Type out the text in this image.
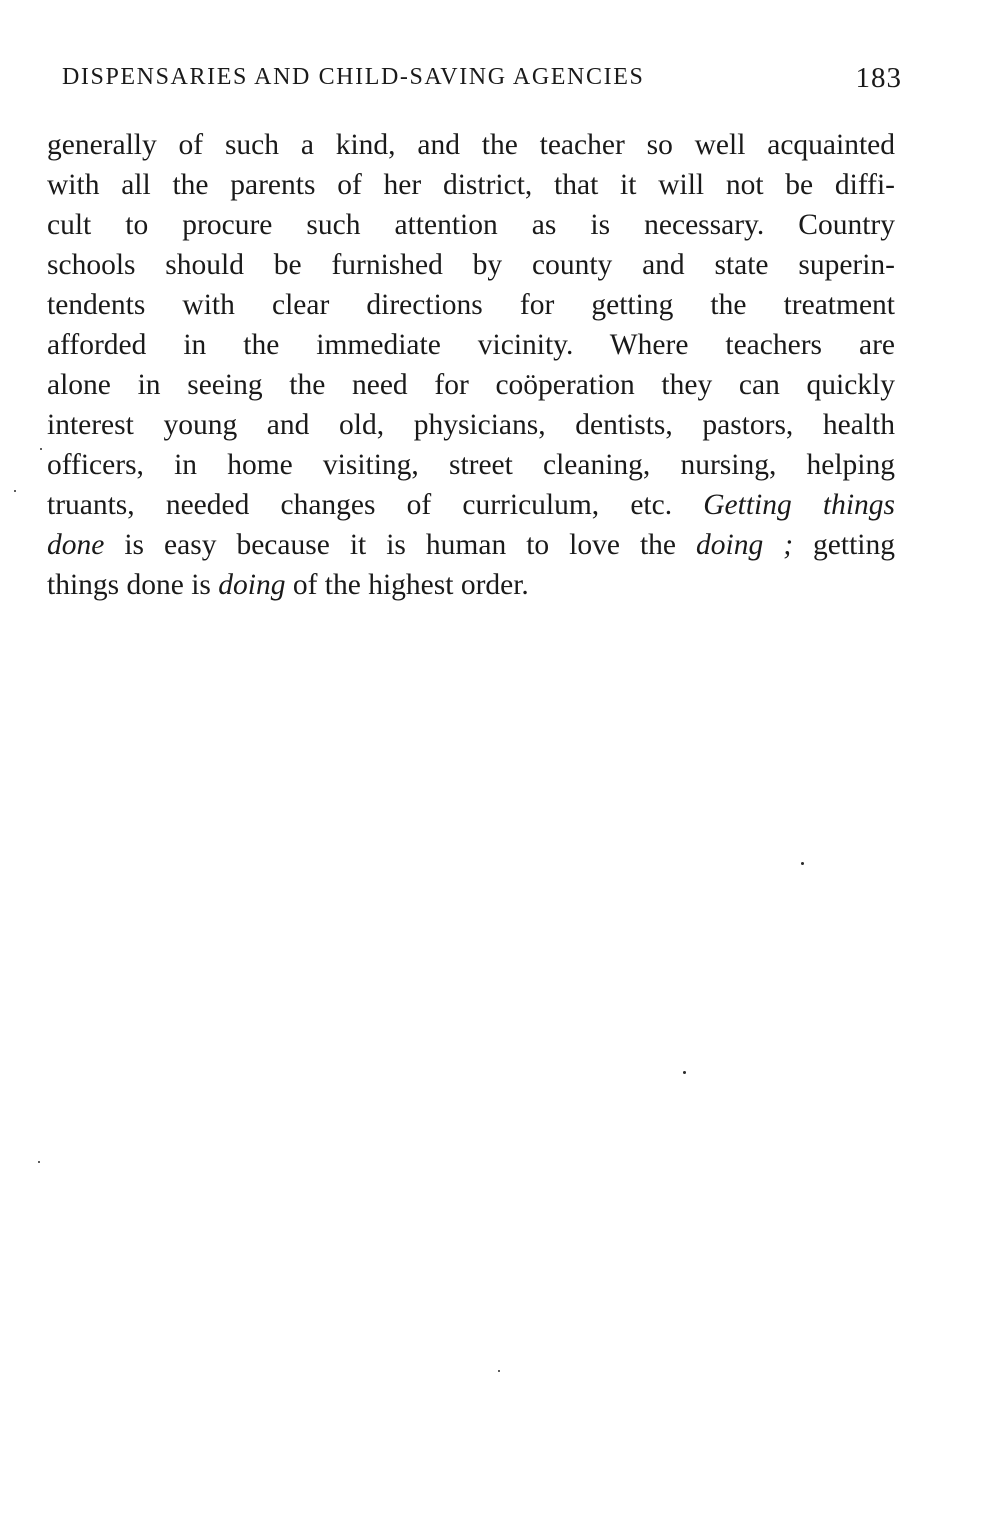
DISPENSARIES AND CHILD-SAVING AGENCIES	183
generally of such a kind, and the teacher so well acquainted
with all the parents of her district, that it will not be diffi-
cult to procure such attention as is necessary. Country
schools should be furnished by county and state superin-
tendents with clear directions for getting the treatment
afforded in the immediate vicinity. Where teachers are
alone in seeing the need for coöperation they can quickly
interest young and old, physicians, dentists, pastors, health
officers, in home visiting, street cleaning, nursing, helping
truants, needed changes of curriculum, etc. Getting things
done is easy because it is human to love the doing ; getting
things done is doing of the highest order.
